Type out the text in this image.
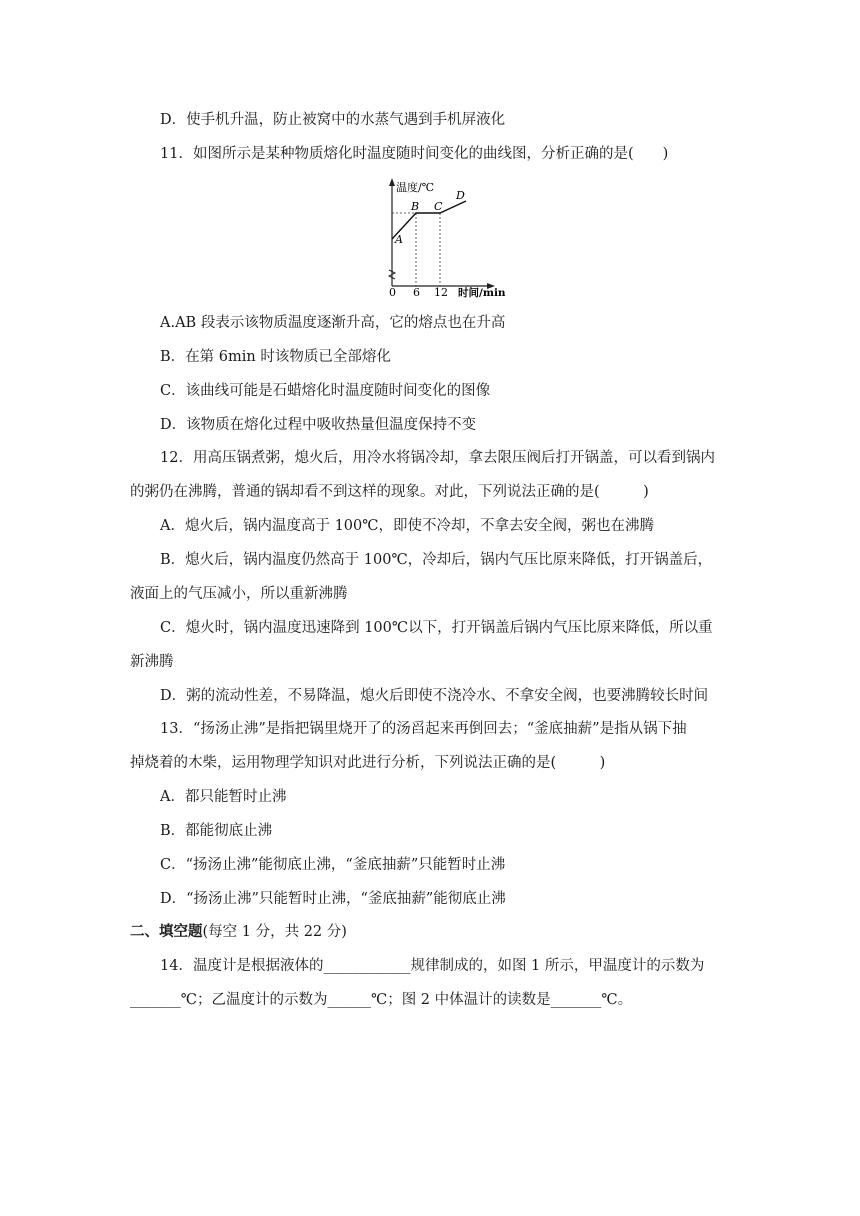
D．使手机升温，防止被窝中的水蒸气遇到手机屏液化
11．如图所示是某种物质熔化时温度随时间变化的曲线图，分析正确的是(　　)
温度/℃
时间/min
0 6 12
A
B C
D
A.AB 段表示该物质温度逐渐升高，它的熔点也在升高
B．在第 6min 时该物质已全部熔化
C．该曲线可能是石蜡熔化时温度随时间变化的图像
D．该物质在熔化过程中吸收热量但温度保持不变
12．用高压锅煮粥，熄火后，用冷水将锅冷却，拿去限压阀后打开锅盖，可以看到锅内
的粥仍在沸腾，普通的锅却看不到这样的现象。对此，下列说法正确的是(　　　)
A．熄火后，锅内温度高于 100℃，即使不冷却，不拿去安全阀，粥也在沸腾
B．熄火后，锅内温度仍然高于 100℃，冷却后，锅内气压比原来降低，打开锅盖后，
液面上的气压减小，所以重新沸腾
C．熄火时，锅内温度迅速降到 100℃以下，打开锅盖后锅内气压比原来降低，所以重
新沸腾
D．粥的流动性差，不易降温，熄火后即使不浇冷水、不拿安全阀，也要沸腾较长时间
13．“扬汤止沸”是指把锅里烧开了的汤舀起来再倒回去；“釜底抽薪”是指从锅下抽
掉烧着的木柴，运用物理学知识对此进行分析，下列说法正确的是(　　　)
A．都只能暂时止沸
B．都能彻底止沸
C．“扬汤止沸”能彻底止沸，“釜底抽薪”只能暂时止沸
D．“扬汤止沸”只能暂时止沸，“釜底抽薪”能彻底止沸
二、填空题(每空 1 分，共 22 分)
14．温度计是根据液体的____________规律制成的，如图 1 所示，甲温度计的示数为
_______℃；乙温度计的示数为______℃；图 2 中体温计的读数是_______℃。
